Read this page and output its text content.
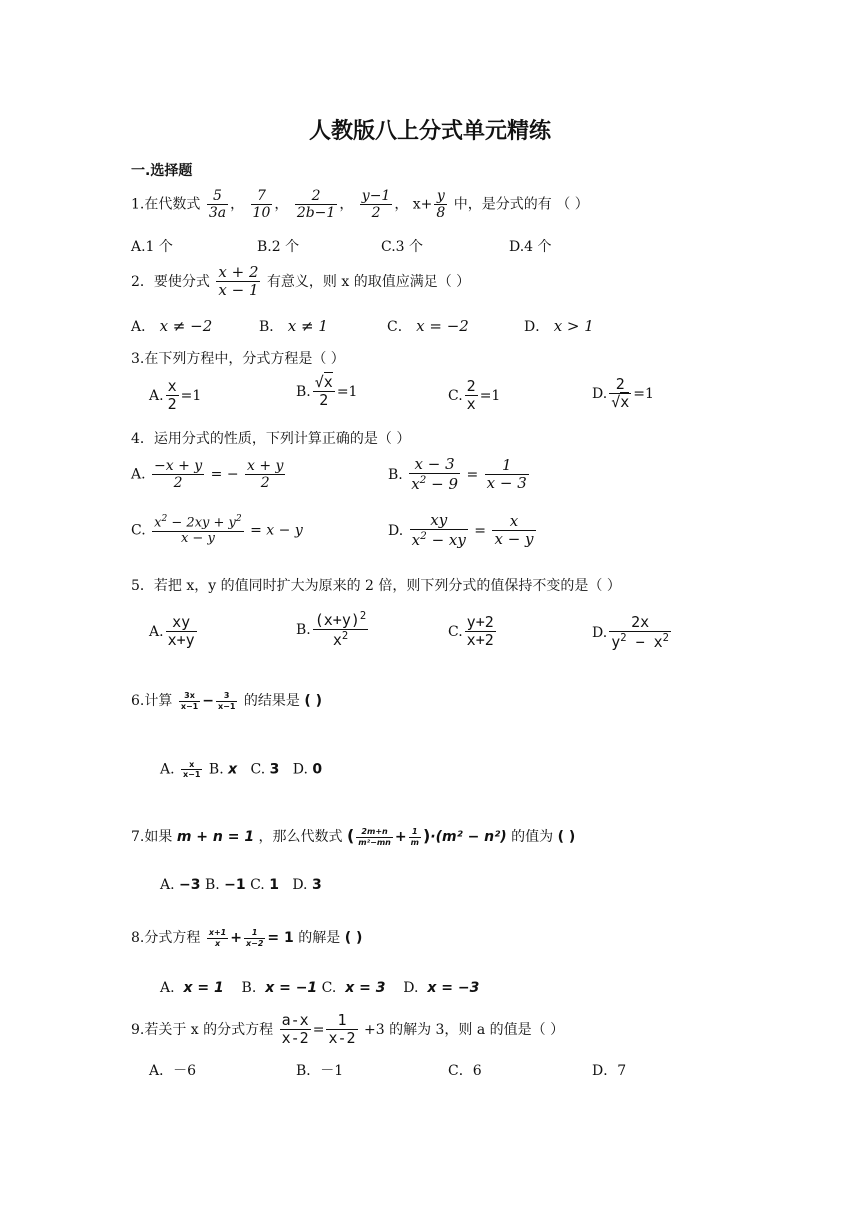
人教版八上分式单元精练
一.选择题
1.在代数式 $\frac{5}{3a}$ ， $\frac{7}{10}$ ， $\frac{2}{2b-1}$ ， $\frac{y-1}{2}$ ， $x+ \frac{y}{8}$ 中，是分式的有 （ ）
A.1 个	B.2 个	C.3 个	D.4 个
2．要使分式 $\frac{x + 2}{x - 1}$ 有意义，则 x 的取值应满足（ ）
A． x ≠ −2	B． x ≠ 1	C． x = −2	D． x > 1
3.在下列方程中，分式方程是（ ）
A. $\frac{x}{2} =1$	B. $\frac{√x}{2} =1$	C. $\frac{2}{x} =1$	D. $\frac{2}{√x} =1$
4．运用分式的性质，下列计算正确的是（ ）
A. $\frac{-x + y}{2}$ = − $\frac{x + y}{2}$	B. $\frac{x - 3}{x^2 - 9} = \frac{1}{x - 3}$
C. $\frac{x^2 - 2xy + y^2}{x - y} = x - y$	D. $\frac{xy}{x^2 - xy} = \frac{x}{x - y}$
5．若把 x，y 的值同时扩大为原来的 2 倍，则下列分式的值保持不变的是（ ）
A. $\frac{xy}{x+y}$	B. $\frac{(x+y)^2}{x^2}$	C. $\frac{y+2}{x+2}$	D. $\frac{2x}{y^2 - x^2}$
6.计算 $\frac{3x}{x-1} - \frac{3}{x-1}$ 的结果是 ( )
A. $\frac{x}{x-1} B$. x C. 3 D. 0
7.如果 m + n = 1 ，那么代数式 ( $\frac{2m+n}{\text{m²−mn}} + \frac{1}{m} )\cdot(m^2 - n^2)$ 的值为 ( )
A. −3 B. −1 C. 1 D. 3
8.分式方程 $\frac{x+1}{x} + \frac{1}{x-2} = 1$ 的解是 ( )
A. x = 1 B. x = −1 C. x = 3 D. x = −3
9.若关于 x 的分式方程 $\frac{a-x}{x-2} = \frac{1}{x-2} +3$ 的解为 3，则 a 的值是（ ）
A．－6	B．－1	C．6	D．7
